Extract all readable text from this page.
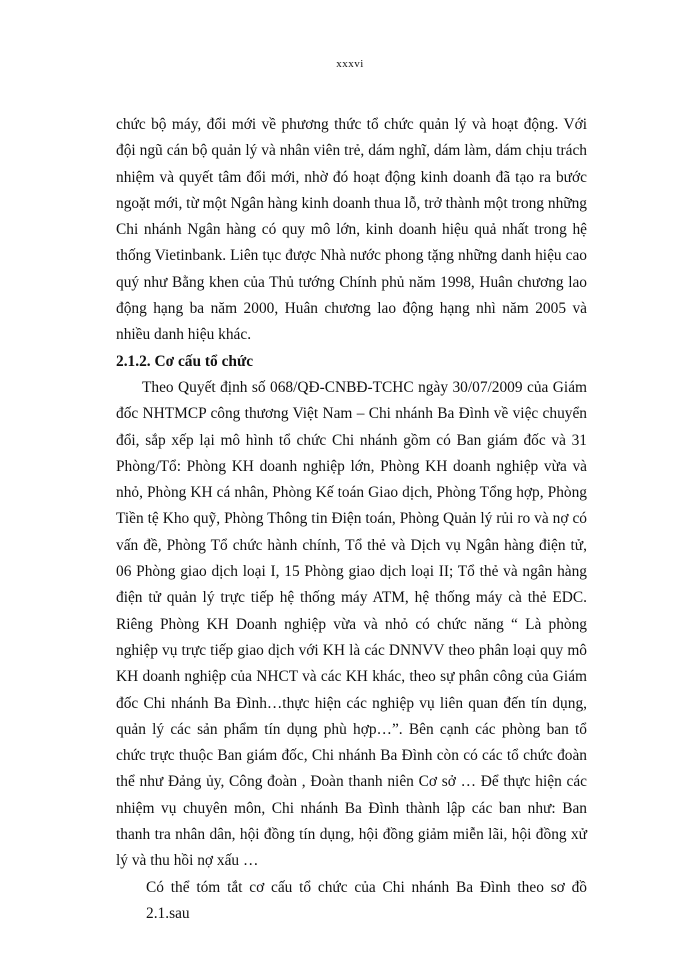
xxxvi

chức bộ máy, đổi mới về phương thức tổ chức quản lý và hoạt động. Với đội ngũ cán bộ quản lý và nhân viên trẻ, dám nghĩ, dám làm, dám chịu trách nhiệm và quyết tâm đổi mới, nhờ đó hoạt động kinh doanh đã tạo ra bước ngoặt mới, từ một Ngân hàng kinh doanh thua lỗ, trở thành một trong những Chi nhánh Ngân hàng có quy mô lớn, kinh doanh hiệu quả nhất trong hệ thống Vietinbank. Liên tục được Nhà nước phong tặng những danh hiệu cao quý như Bằng khen của Thủ tướng Chính phủ năm 1998, Huân chương lao động hạng ba năm 2000, Huân chương lao động hạng nhì năm 2005 và nhiều danh hiệu khác.

2.1.2. Cơ cấu tổ chức

Theo Quyết định số 068/QĐ-CNBĐ-TCHC ngày 30/07/2009 của Giám đốc NHTMCP công thương Việt Nam – Chi nhánh Ba Đình về việc chuyển đổi, sắp xếp lại mô hình tổ chức Chi nhánh gồm có Ban giám đốc và 31 Phòng/Tổ: Phòng KH doanh nghiệp lớn, Phòng KH doanh nghiệp vừa và nhỏ, Phòng KH cá nhân, Phòng Kế toán Giao dịch, Phòng Tổng hợp, Phòng Tiền tệ Kho quỹ, Phòng Thông tin Điện toán, Phòng Quản lý rủi ro và nợ có vấn đề, Phòng Tổ chức hành chính, Tổ thẻ và Dịch vụ Ngân hàng điện tử, 06 Phòng giao dịch loại I, 15 Phòng giao dịch loại II; Tổ thẻ và ngân hàng điện tử quản lý trực tiếp hệ thống máy ATM, hệ thống máy cà thẻ EDC. Riêng Phòng KH Doanh nghiệp vừa và nhỏ có chức năng “ Là phòng nghiệp vụ trực tiếp giao dịch với KH là các DNNVV theo phân loại quy mô KH doanh nghiệp của NHCT và các KH khác, theo sự phân công của Giám đốc Chi nhánh Ba Đình…thực hiện các nghiệp vụ liên quan đến tín dụng, quản lý các sản phẩm tín dụng phù hợp…”. Bên cạnh các phòng ban tổ chức trực thuộc Ban giám đốc, Chi nhánh Ba Đình còn có các tổ chức đoàn thể như Đảng ủy, Công đoàn , Đoàn thanh niên Cơ sở … Để thực hiện các nhiệm vụ chuyên môn, Chi nhánh Ba Đình thành lập các ban như: Ban thanh tra nhân dân, hội đồng tín dụng, hội đồng giảm miễn lãi, hội đồng xử lý và thu hồi nợ xấu …

Có thể tóm tắt cơ cấu tổ chức của Chi nhánh Ba Đình theo sơ đồ 2.1.sau
